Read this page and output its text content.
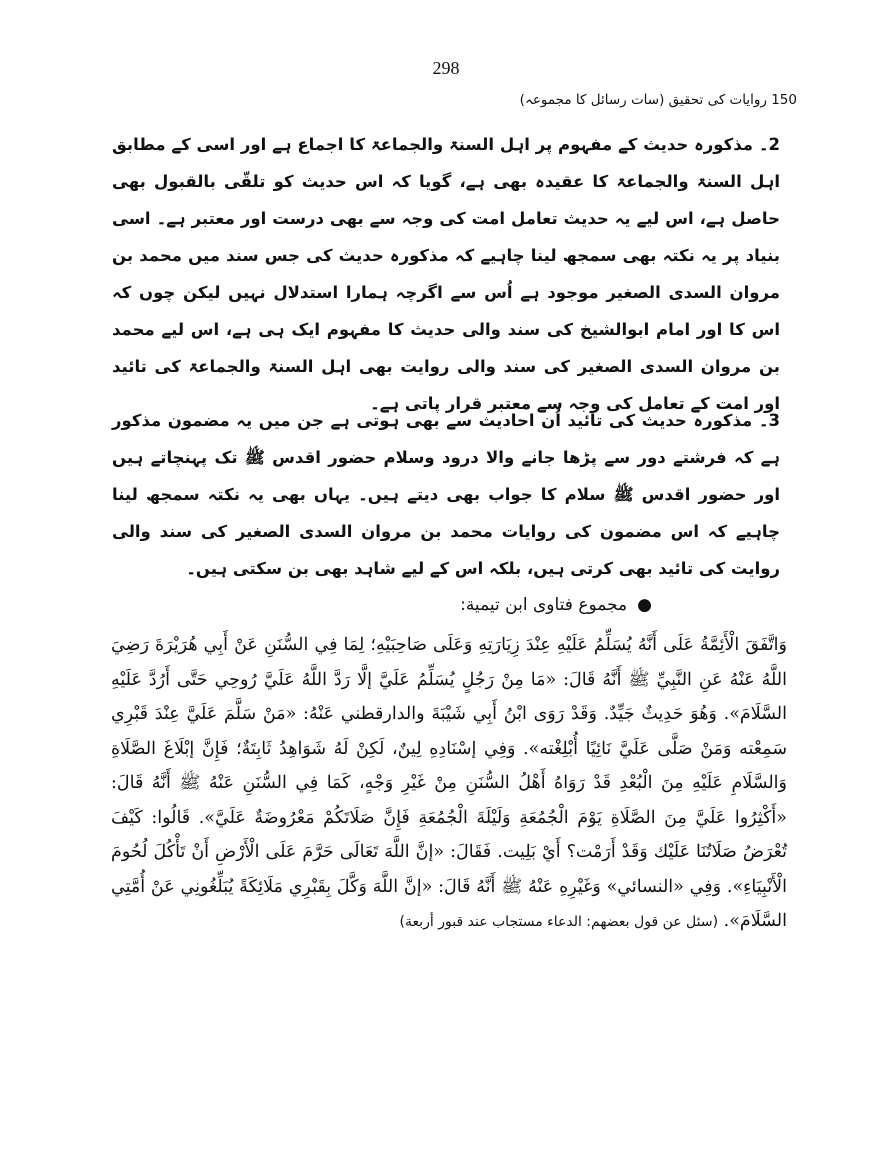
298
150 روایات کی تحقیق (سات رسائل کا مجموعہ)

2۔ مذکورہ حدیث کے مفہوم پر اہل السنۃ والجماعۃ کا اجماع ہے اور اسی کے مطابق اہل السنۃ والجماعۃ کا عقیدہ بھی ہے، گویا کہ اس حدیث کو تلقّی بالقبول بھی حاصل ہے، اس لیے یہ حدیث تعامل امت کی وجہ سے بھی درست اور معتبر ہے۔ اسی بنیاد پر یہ نکتہ بھی سمجھ لینا چاہیے کہ مذکورہ حدیث کی جس سند میں محمد بن مروان السدی الصغیر موجود ہے اُس سے اگرچہ ہمارا استدلال نہیں لیکن چوں کہ اس کا اور امام ابوالشیخ کی سند والی حدیث کا مفہوم ایک ہی ہے، اس لیے محمد بن مروان السدی الصغیر کی سند والی روایت بھی اہل السنۃ والجماعۃ کی تائید اور امت کے تعامل کی وجہ سے معتبر قرار پاتی ہے۔

3۔ مذکورہ حدیث کی تائید اُن احادیث سے بھی ہوتی ہے جن میں یہ مضمون مذکور ہے کہ فرشتے دور سے پڑھا جانے والا درود وسلام حضور اقدس ﷺ تک پہنچاتے ہیں اور حضور اقدس ﷺ سلام کا جواب بھی دیتے ہیں۔ یہاں بھی یہ نکتہ سمجھ لینا چاہیے کہ اس مضمون کی روایات محمد بن مروان السدی الصغیر کی سند والی روایت کی تائید بھی کرتی ہیں، بلکہ اس کے لیے شاہد بھی بن سکتی ہیں۔

●مجموع فتاوى ابن تيمية:

وَاتَّفَقَ الْأَئِمَّةُ عَلَى أَنَّهُ يُسَلِّمُ عَلَيْهِ عِنْدَ زِيَارَتِهِ وَعَلَى صَاحِبَيْهِ؛ لِمَا فِي السُّنَنِ عَنْ أَبِي هُرَيْرَةَ رَضِيَ اللَّهُ عَنْهُ عَنِ النَّبِيِّ ﷺ أَنَّهُ قَالَ: «مَا مِنْ رَجُلٍ يُسَلِّمُ عَلَيَّ إلَّا رَدَّ اللَّهُ عَلَيَّ رُوحِي حَتَّى أَرُدَّ عَلَيْهِ السَّلَامَ». وَهُوَ حَدِيثٌ جَيِّدٌ. وَقَدْ رَوَى ابْنُ أَبِي شَيْبَةَ والدارقطني عَنْهُ: «مَنْ سَلَّمَ عَلَيَّ عِنْدَ قَبْرِي سَمِعْته وَمَنْ صَلَّى عَلَيَّ نَائِيًا أُبْلِغْته». وَفِي إسْنَادِهِ لِينٌ، لَكِنْ لَهُ شَوَاهِدُ ثَابِتَةٌ؛ فَإِنَّ إبْلَاغَ الصَّلَاةِ وَالسَّلَامِ عَلَيْهِ مِنَ الْبُعْدِ قَدْ رَوَاهُ أَهْلُ السُّنَنِ مِنْ غَيْرِ وَجْهٍ، كَمَا فِي السُّنَنِ عَنْهُ ﷺ أَنَّهُ قَالَ: «أَكْثِرُوا عَلَيَّ مِنَ الصَّلَاةِ يَوْمَ الْجُمُعَةِ وَلَيْلَةَ الْجُمُعَةِ فَإِنَّ صَلَاتَكُمْ مَعْرُوضَةٌ عَلَيَّ». قَالُوا: كَيْفَ تُعْرَضُ صَلَاتُنَا عَلَيْك وَقَدْ أَرَمْت؟ أَيْ بَلِيت. فَقَالَ: «إنَّ اللَّهَ تَعَالَى حَرَّمَ عَلَى الْأَرْضِ أَنْ تَأْكُلَ لُحُومَ الْأَنْبِيَاءِ». وَفِي «النسائي» وَغَيْرِهِ عَنْهُ ﷺ أَنَّهُ قَالَ: «إنَّ اللَّهَ وَكَّلَ بِقَبْرِي مَلَائِكَةً يُبَلِّغُونِي عَنْ أُمَّتِي السَّلَامَ». (سئل عن قول بعضهم: الدعاء مستجاب عند قبور أربعة)
